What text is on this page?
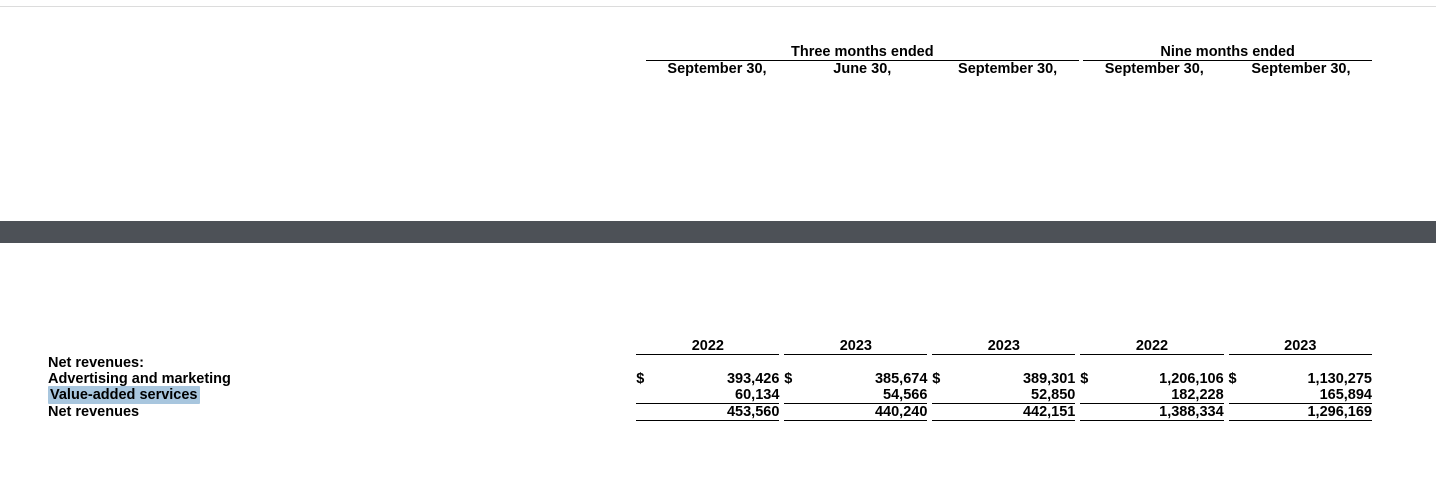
Three months ended						Nine months ended		
September 30,		June 30,		September 30,		September 30,		September 30,
	2022		2023		2023		2022		2023
Net revenues:									
Advertising and marketing	$ 393,426		$ 385,674		$ 389,301		$ 1,206,106		$ 1,130,275

Value-added services	60,134		54,566		52,850		182,228		165,894

Net revenues	453,560		440,240		442,151		1,388,334		1,296,169
